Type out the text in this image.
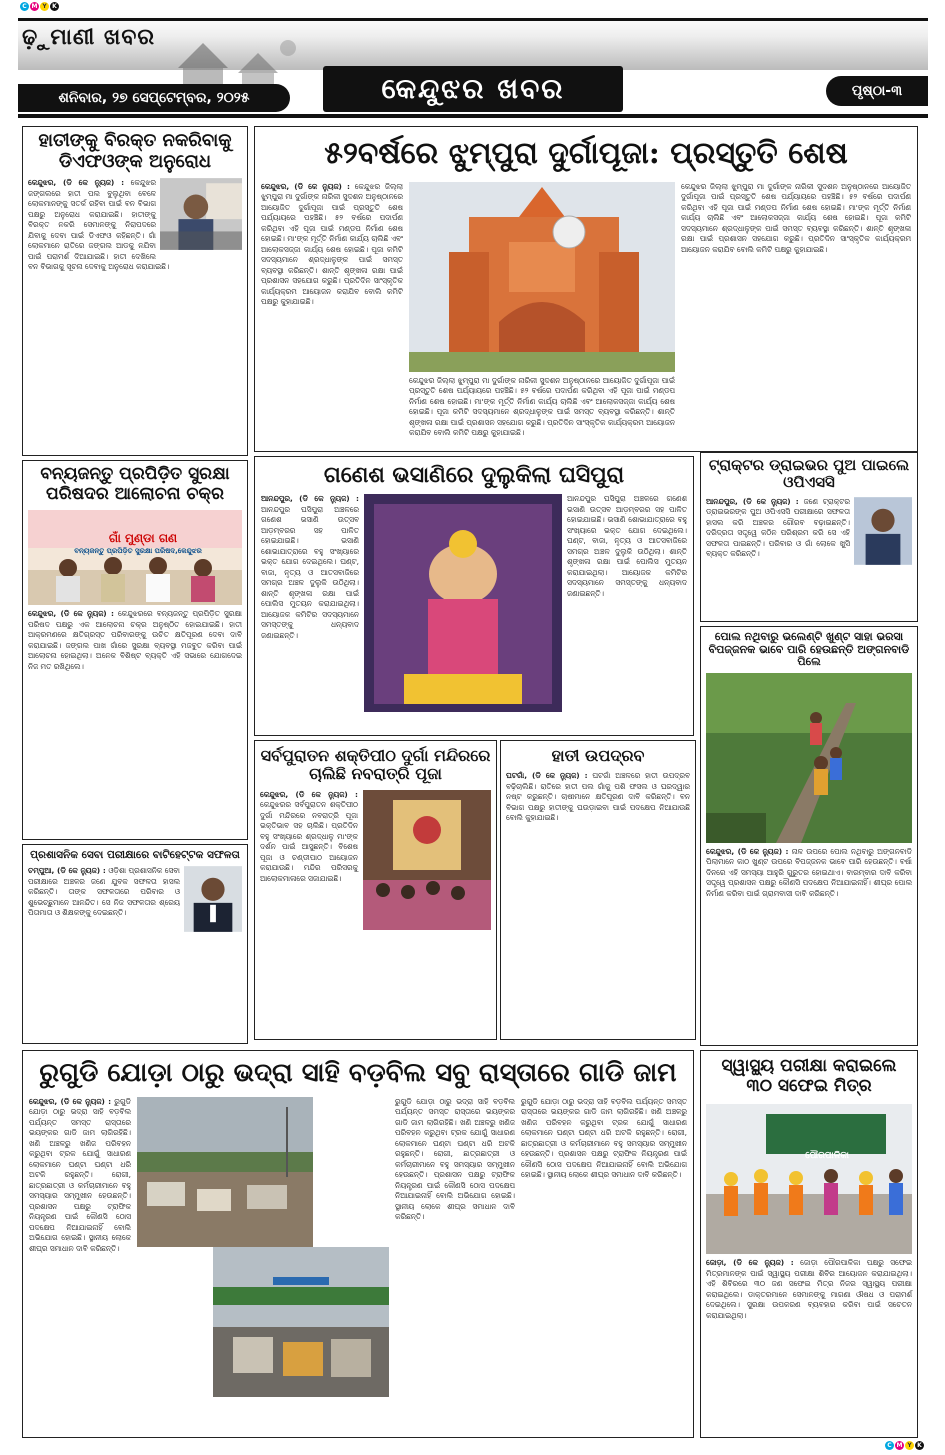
C M Y K
C M Y K
ଢ଼ୁମାଣୀ ଖବର
କେନ୍ଦୁଝର ଖବର
ଶନିବାର, ୨୭ ସେପ୍ଟେମ୍ବର, ୨୦୨୫	ପୃଷ୍ଠା-୩
ହାତୀଙ୍କୁ ବିରକ୍ତ ନକରିବାକୁ ଡିଏଫଓଙ୍କ ଅନୁରୋଧ
କେନ୍ଦୁଝର, (ଡି କେ ନ୍ୟୁଜ) : କେନ୍ଦୁଝର ଜଙ୍ଗଲରେ ହାତୀ ପଲ ବୁଲୁଥିବା ବେଳେ ଲୋକମାନଙ୍କୁ ସତର୍କ ରହିବା ପାଇଁ ବନ ବିଭାଗ ପକ୍ଷରୁ ଅନୁରୋଧ କରାଯାଇଛି। ହାତୀଙ୍କୁ ବିରକ୍ତ ନକରି ସେମାନଙ୍କୁ ନିରାପଦରେ ଯିବାକୁ ଦେବା ପାଇଁ ଡିଏଫଓ କହିଛନ୍ତି। ଗାଁ ଲୋକମାନେ ରାତିରେ ଜଙ୍ଗଲ ଆଡକୁ ନଯିବା ପାଇଁ ପରାମର୍ଶ ଦିଆଯାଇଛି। ହାତୀ ଦେଖିଲେ ବନ ବିଭାଗକୁ ସୂଚନା ଦେବାକୁ ଅନୁରୋଧ କରାଯାଇଛି।
୫୨ବର୍ଷରେ ଝୁମ୍ପୁରା ଦୁର୍ଗାପୂଜା: ପ୍ରସ୍ତୁତି ଶେଷ
କେନ୍ଦୁଝର, (ଡି କେ ନ୍ୟୁଜ) : କେନ୍ଦୁଝର ଜିଲ୍ଲା ଝୁମ୍ପୁରା ମା ଦୁର୍ଗାଙ୍କ ନାରିକୀ ସୁଦଶନ ଅନୁଷ୍ଠାନରେ ଆୟୋଜିତ ଦୁର୍ଗାପୂଜା ପାଇଁ ପ୍ରସ୍ତୁତି ଶେଷ ପର୍ଯ୍ୟାୟରେ ପହଞ୍ଚିଛି। ୫୨ ବର୍ଷରେ ପଦାର୍ପଣ କରିଥିବା ଏହି ପୂଜା ପାଇଁ ମଣ୍ଡପ ନିର୍ମାଣ ଶେଷ ହୋଇଛି। ମା'ଙ୍କ ମୂର୍ତ୍ତି ନିର୍ମାଣ କାର୍ଯ୍ୟ ଚାଲିଛି ଏବଂ ଆଲୋକସଜ୍ଜା କାର୍ଯ୍ୟ ଶେଷ ହୋଇଛି। ପୂଜା କମିଟି ସଦସ୍ୟମାନେ ଶ୍ରଦ୍ଧାଳୁଙ୍କ ପାଇଁ ସମସ୍ତ ବ୍ୟବସ୍ଥା କରିଛନ୍ତି। ଶାନ୍ତି ଶୃଙ୍ଖଳା ରକ୍ଷା ପାଇଁ ପ୍ରଶାସନ ସହଯୋଗ କରୁଛି। ପ୍ରତିଦିନ ସାଂସ୍କୃତିକ କାର୍ଯ୍ୟକ୍ରମ ଆୟୋଜନ କରାଯିବ ବୋଲି କମିଟି ପକ୍ଷରୁ କୁହାଯାଇଛି।
କେନ୍ଦୁଝର ଜିଲ୍ଲା ଝୁମ୍ପୁରା ମା ଦୁର୍ଗାଙ୍କ ନାରିକୀ ସୁଦଶନ ଅନୁଷ୍ଠାନରେ ଆୟୋଜିତ ଦୁର୍ଗାପୂଜା ପାଇଁ ପ୍ରସ୍ତୁତି ଶେଷ ପର୍ଯ୍ୟାୟରେ ପହଞ୍ଚିଛି। ୫୨ ବର୍ଷରେ ପଦାର୍ପଣ କରିଥିବା ଏହି ପୂଜା ପାଇଁ ମଣ୍ଡପ ନିର୍ମାଣ ଶେଷ ହୋଇଛି। ମା'ଙ୍କ ମୂର୍ତ୍ତି ନିର୍ମାଣ କାର୍ଯ୍ୟ ଚାଲିଛି ଏବଂ ଆଲୋକସଜ୍ଜା କାର୍ଯ୍ୟ ଶେଷ ହୋଇଛି। ପୂଜା କମିଟି ସଦସ୍ୟମାନେ ଶ୍ରଦ୍ଧାଳୁଙ୍କ ପାଇଁ ସମସ୍ତ ବ୍ୟବସ୍ଥା କରିଛନ୍ତି। ଶାନ୍ତି ଶୃଙ୍ଖଳା ରକ୍ଷା ପାଇଁ ପ୍ରଶାସନ ସହଯୋଗ କରୁଛି। ପ୍ରତିଦିନ ସାଂସ୍କୃତିକ କାର୍ଯ୍ୟକ୍ରମ ଆୟୋଜନ କରାଯିବ ବୋଲି କମିଟି ପକ୍ଷରୁ କୁହାଯାଇଛି।
କେନ୍ଦୁଝର ଜିଲ୍ଲା ଝୁମ୍ପୁରା ମା ଦୁର୍ଗାଙ୍କ ନାରିକୀ ସୁଦଶନ ଅନୁଷ୍ଠାନରେ ଆୟୋଜିତ ଦୁର୍ଗାପୂଜା ପାଇଁ ପ୍ରସ୍ତୁତି ଶେଷ ପର୍ଯ୍ୟାୟରେ ପହଞ୍ଚିଛି। ୫୨ ବର୍ଷରେ ପଦାର୍ପଣ କରିଥିବା ଏହି ପୂଜା ପାଇଁ ମଣ୍ଡପ ନିର୍ମାଣ ଶେଷ ହୋଇଛି। ମା'ଙ୍କ ମୂର୍ତ୍ତି ନିର୍ମାଣ କାର୍ଯ୍ୟ ଚାଲିଛି ଏବଂ ଆଲୋକସଜ୍ଜା କାର୍ଯ୍ୟ ଶେଷ ହୋଇଛି। ପୂଜା କମିଟି ସଦସ୍ୟମାନେ ଶ୍ରଦ୍ଧାଳୁଙ୍କ ପାଇଁ ସମସ୍ତ ବ୍ୟବସ୍ଥା କରିଛନ୍ତି। ଶାନ୍ତି ଶୃଙ୍ଖଳା ରକ୍ଷା ପାଇଁ ପ୍ରଶାସନ ସହଯୋଗ କରୁଛି। ପ୍ରତିଦିନ ସାଂସ୍କୃତିକ କାର୍ଯ୍ୟକ୍ରମ ଆୟୋଜନ କରାଯିବ ବୋଲି କମିଟି ପକ୍ଷରୁ କୁହାଯାଇଛି।
ବନ୍ୟଜନ୍ତୁ ପ୍ରପିଡ଼ିତ ସୁରକ୍ଷା ପରିଷଦର ଆଲୋଚନା ଚକ୍ର
ଗାଁ ମୁଣ୍ଡା ଗଣ
ବନ୍ୟଜନ୍ତୁ ପ୍ରପିଡ଼ିତ ସୁରକ୍ଷା ପରିଷଦ,କେନ୍ଦୁଝର
କେନ୍ଦୁଝର, (ଡି କେ ନ୍ୟୁଜ) : କେନ୍ଦୁଝରରେ ବନ୍ୟଜନ୍ତୁ ପ୍ରପିଡ଼ିତ ସୁରକ୍ଷା ପରିଷଦ ପକ୍ଷରୁ ଏକ ଆଲୋଚନା ଚକ୍ର ଅନୁଷ୍ଠିତ ହୋଇଯାଇଛି। ହାତୀ ଆକ୍ରମଣରେ କ୍ଷତିଗ୍ରସ୍ତ ପରିବାରଙ୍କୁ ଉଚିତ କ୍ଷତିପୂରଣ ଦେବା ଦାବି କରାଯାଇଛି। ଜଙ୍ଗଲ ପାଖ ଗାଁରେ ସୁରକ୍ଷା ବ୍ୟବସ୍ଥା ମଜବୁତ କରିବା ପାଇଁ ଆଲୋଚନା ହୋଇଥିଲା। ଅନେକ ବିଶିଷ୍ଟ ବ୍ୟକ୍ତି ଏହି ସଭାରେ ଯୋଗଦେଇ ନିଜ ମତ ରଖିଥିଲେ।
ଗଣେଶ ଭସାଣିରେ ଦୁଲୁକିଲା ଘସିପୁରା
ଆନନ୍ଦପୁର, (ଡି କେ ନ୍ୟୁଜ) : ଆନନ୍ଦପୁର ଘସିପୁରା ଅଞ୍ଚଳରେ ଗଣେଶ ଭସାଣି ଉତ୍ସବ ଆଡ଼ମ୍ବରର ସହ ପାଳିତ ହୋଇଯାଇଛି। ଭସାଣି ଶୋଭାଯାତ୍ରାରେ ବହୁ ସଂଖ୍ୟାରେ ଭକ୍ତ ଯୋଗ ଦେଇଥିଲେ। ଘଣ୍ଟ, ବାଜା, ନୃତ୍ୟ ଓ ଆତସବାଜିରେ ସମଗ୍ର ଅଞ୍ଚଳ ଦୁଲୁକି ଉଠିଥିଲା। ଶାନ୍ତି ଶୃଙ୍ଖଳା ରକ୍ଷା ପାଇଁ ପୋଲିସ ମୁତୟନ କରାଯାଇଥିଲା। ଆୟୋଜକ କମିଟିର ସଦସ୍ୟମାନେ ସମସ୍ତଙ୍କୁ ଧନ୍ୟବାଦ ଜଣାଇଛନ୍ତି।
ଆନନ୍ଦପୁର ଘସିପୁରା ଅଞ୍ଚଳରେ ଗଣେଶ ଭସାଣି ଉତ୍ସବ ଆଡ଼ମ୍ବରର ସହ ପାଳିତ ହୋଇଯାଇଛି। ଭସାଣି ଶୋଭାଯାତ୍ରାରେ ବହୁ ସଂଖ୍ୟାରେ ଭକ୍ତ ଯୋଗ ଦେଇଥିଲେ। ଘଣ୍ଟ, ବାଜା, ନୃତ୍ୟ ଓ ଆତସବାଜିରେ ସମଗ୍ର ଅଞ୍ଚଳ ଦୁଲୁକି ଉଠିଥିଲା। ଶାନ୍ତି ଶୃଙ୍ଖଳା ରକ୍ଷା ପାଇଁ ପୋଲିସ ମୁତୟନ କରାଯାଇଥିଲା। ଆୟୋଜକ କମିଟିର ସଦସ୍ୟମାନେ ସମସ୍ତଙ୍କୁ ଧନ୍ୟବାଦ ଜଣାଇଛନ୍ତି।
ଟ୍ରାକ୍ଟର ଡ୍ରାଇଭର ପୁଅ ପାଇଲେ ଓପିଏସସି
ଆନନ୍ଦପୁର, (ଡି କେ ନ୍ୟୁଜ) : ଜଣେ ଟ୍ରାକ୍ଟର ଡ୍ରାଇଭରଙ୍କ ପୁଅ ଓପିଏସସି ପରୀକ୍ଷାରେ ସଫଳତା ହାସଲ କରି ଅଞ୍ଚଳର ଗୌରବ ବଢ଼ାଇଛନ୍ତି। ଦରିଦ୍ରତା ସତ୍ତ୍ୱେ କଠିନ ପରିଶ୍ରମ କରି ସେ ଏହି ସଫଳତା ପାଇଛନ୍ତି। ପରିବାର ଓ ଗାଁ ଲୋକେ ଖୁସି ବ୍ୟକ୍ତ କରିଛନ୍ତି।
ପୋଲ ନଥିବାରୁ ଭଲେଣ୍ଟି ଖୁଣ୍ଟ ସାହା ଭରସା ବିପଜ୍ଜନକ ଭାବେ ପାରି ହେଉଛନ୍ତି ଅଙ୍ଗନବାଡି ପିଲେ
କେନ୍ଦୁଝର, (ଡି କେ ନ୍ୟୁଜ) : ନାଳ ଉପରେ ପୋଲ ନଥିବାରୁ ଅଙ୍ଗନବାଡି ପିଲାମାନେ କାଠ ଖୁଣ୍ଟ ଉପରେ ବିପଜ୍ଜନକ ଭାବେ ପାରି ହେଉଛନ୍ତି। ବର୍ଷା ଦିନରେ ଏହି ସମସ୍ୟା ଆହୁରି ଗୁରୁତର ହୋଇଥାଏ। ବାରମ୍ବାର ଦାବି କରିବା ସତ୍ତ୍ୱେ ପ୍ରଶାସନ ପକ୍ଷରୁ କୌଣସି ପଦକ୍ଷେପ ନିଆଯାଇନାହିଁ। ଶୀଘ୍ର ପୋଲ ନିର୍ମାଣ କରିବା ପାଇଁ ଗ୍ରାମବାସୀ ଦାବି କରିଛନ୍ତି।
ସର୍ବପୁରାତନ ଶକ୍ତିପୀଠ ଦୁର୍ଗା ମନ୍ଦିରରେ ଚାଲିଛି ନବରାତ୍ରି ପୂଜା
କେନ୍ଦୁଝର, (ଡି କେ ନ୍ୟୁଜ) : କେନ୍ଦୁଝରର ସର୍ବପୁରାତନ ଶକ୍ତିପୀଠ ଦୁର୍ଗା ମନ୍ଦିରରେ ନବରାତ୍ରି ପୂଜା ଭକ୍ତିଭାବ ସହ ଚାଲିଛି। ପ୍ରତିଦିନ ବହୁ ସଂଖ୍ୟାରେ ଶ୍ରଦ୍ଧାଳୁ ମା'ଙ୍କ ଦର୍ଶନ ପାଇଁ ଆସୁଛନ୍ତି। ବିଶେଷ ପୂଜା ଓ ଚଣ୍ଡୀପାଠ ଆୟୋଜନ କରାଯାଉଛି। ମନ୍ଦିର ପରିସରକୁ ଆଲୋକମାଳାରେ ସଜାଯାଇଛି।
ହାତୀ ଉପଦ୍ରବ
ଘଟଗାଁ, (ଡି କେ ନ୍ୟୁଜ) : ଘଟଗାଁ ଅଞ୍ଚଳରେ ହାତୀ ଉପଦ୍ରବ ବଢ଼ିଚାଲିଛି। ରାତିରେ ହାତୀ ପଲ ଗାଁକୁ ପଶି ଫସଲ ଓ ଘରଦ୍ୱାର ନଷ୍ଟ କରୁଛନ୍ତି। ଚାଷୀମାନେ କ୍ଷତିପୂରଣ ଦାବି କରିଛନ୍ତି। ବନ ବିଭାଗ ପକ୍ଷରୁ ହାତୀଙ୍କୁ ଘଉଡ଼ାଇବା ପାଇଁ ପଦକ୍ଷେପ ନିଆଯାଉଛି ବୋଲି କୁହାଯାଇଛି।
ପ୍ରଶାସନିକ ସେବା ପରୀକ୍ଷାରେ ବାଟିହେଟ୍ଟକ ସଫଳତା
ଚମ୍ପୁଆ, (ଡି କେ ନ୍ୟୁଜ) : ଓଡ଼ିଶା ପ୍ରଶାସନିକ ସେବା ପରୀକ୍ଷାରେ ଅଞ୍ଚଳର ଜଣେ ଯୁବକ ସଫଳତା ହାସଲ କରିଛନ୍ତି। ତାଙ୍କ ସଫଳତାରେ ପରିବାର ଓ ଶୁଭେଚ୍ଛୁମାନେ ଆନନ୍ଦିତ। ସେ ନିଜ ସଫଳତାର ଶ୍ରେୟ ପିତାମାତା ଓ ଶିକ୍ଷକଙ୍କୁ ଦେଇଛନ୍ତି।
ରୁଗୁଡି ଯୋଡ଼ା ଠାରୁ ଭଦ୍ରା ସାହି ବଡ଼ବିଲ ସବୁ ରାସ୍ତାରେ ଗାଡି ଜାମ
କେନ୍ଦୁଝର, (ଡି କେ ନ୍ୟୁଜ) : ରୁଗୁଡି ଯୋଡ଼ା ଠାରୁ ଭଦ୍ରା ସାହି ବଡ଼ବିଲ ପର୍ଯ୍ୟନ୍ତ ସମସ୍ତ ରାସ୍ତାରେ ଭୟଙ୍କର ଗାଡି ଜାମ ଲାଗିରହିଛି। ଖଣି ଅଞ୍ଚଳରୁ ଖଣିଜ ପରିବହନ କରୁଥିବା ଟ୍ରକ ଯୋଗୁଁ ସାଧାରଣ ଲୋକମାନେ ଘଣ୍ଟା ଘଣ୍ଟା ଧରି ଅଟକି ରହୁଛନ୍ତି। ରୋଗୀ, ଛାତ୍ରଛାତ୍ରୀ ଓ କର୍ମଚାରୀମାନେ ବହୁ ସମସ୍ୟାର ସମ୍ମୁଖୀନ ହେଉଛନ୍ତି। ପ୍ରଶାସନ ପକ୍ଷରୁ ଟ୍ରାଫିକ ନିୟନ୍ତ୍ରଣ ପାଇଁ କୌଣସି ଠୋସ ପଦକ୍ଷେପ ନିଆଯାଇନାହିଁ ବୋଲି ଅଭିଯୋଗ ହୋଇଛି। ସ୍ଥାନୀୟ ଲୋକେ ଶୀଘ୍ର ସମାଧାନ ଦାବି କରିଛନ୍ତି।
ରୁଗୁଡି ଯୋଡ଼ା ଠାରୁ ଭଦ୍ରା ସାହି ବଡ଼ବିଲ ପର୍ଯ୍ୟନ୍ତ ସମସ୍ତ ରାସ୍ତାରେ ଭୟଙ୍କର ଗାଡି ଜାମ ଲାଗିରହିଛି। ଖଣି ଅଞ୍ଚଳରୁ ଖଣିଜ ପରିବହନ କରୁଥିବା ଟ୍ରକ ଯୋଗୁଁ ସାଧାରଣ ଲୋକମାନେ ଘଣ୍ଟା ଘଣ୍ଟା ଧରି ଅଟକି ରହୁଛନ୍ତି। ରୋଗୀ, ଛାତ୍ରଛାତ୍ରୀ ଓ କର୍ମଚାରୀମାନେ ବହୁ ସମସ୍ୟାର ସମ୍ମୁଖୀନ ହେଉଛନ୍ତି। ପ୍ରଶାସନ ପକ୍ଷରୁ ଟ୍ରାଫିକ ନିୟନ୍ତ୍ରଣ ପାଇଁ କୌଣସି ଠୋସ ପଦକ୍ଷେପ ନିଆଯାଇନାହିଁ ବୋଲି ଅଭିଯୋଗ ହୋଇଛି। ସ୍ଥାନୀୟ ଲୋକେ ଶୀଘ୍ର ସମାଧାନ ଦାବି କରିଛନ୍ତି।
ରୁଗୁଡି ଯୋଡ଼ା ଠାରୁ ଭଦ୍ରା ସାହି ବଡ଼ବିଲ ପର୍ଯ୍ୟନ୍ତ ସମସ୍ତ ରାସ୍ତାରେ ଭୟଙ୍କର ଗାଡି ଜାମ ଲାଗିରହିଛି। ଖଣି ଅଞ୍ଚଳରୁ ଖଣିଜ ପରିବହନ କରୁଥିବା ଟ୍ରକ ଯୋଗୁଁ ସାଧାରଣ ଲୋକମାନେ ଘଣ୍ଟା ଘଣ୍ଟା ଧରି ଅଟକି ରହୁଛନ୍ତି। ରୋଗୀ, ଛାତ୍ରଛାତ୍ରୀ ଓ କର୍ମଚାରୀମାନେ ବହୁ ସମସ୍ୟାର ସମ୍ମୁଖୀନ ହେଉଛନ୍ତି। ପ୍ରଶାସନ ପକ୍ଷରୁ ଟ୍ରାଫିକ ନିୟନ୍ତ୍ରଣ ପାଇଁ କୌଣସି ଠୋସ ପଦକ୍ଷେପ ନିଆଯାଇନାହିଁ ବୋଲି ଅଭିଯୋଗ ହୋଇଛି। ସ୍ଥାନୀୟ ଲୋକେ ଶୀଘ୍ର ସମାଧାନ ଦାବି କରିଛନ୍ତି।
ସ୍ୱାସ୍ଥ୍ୟ ପରୀକ୍ଷା କରାଇଲେ ୩୦ ସଫେଇ ମିତ୍ର
ପୌରପାଳିକା
ଜୋଡ଼ା, (ଡି କେ ନ୍ୟୁଜ) : ଜୋଡ଼ା ପୌରପାଳିକା ପକ୍ଷରୁ ସଫେଇ ମିତ୍ରମାନଙ୍କ ପାଇଁ ସ୍ୱାସ୍ଥ୍ୟ ପରୀକ୍ଷା ଶିବିର ଆୟୋଜନ କରାଯାଇଥିଲା। ଏହି ଶିବିରରେ ୩୦ ଜଣ ସଫେଇ ମିତ୍ର ନିଜର ସ୍ୱାସ୍ଥ୍ୟ ପରୀକ୍ଷା କରାଇଥିଲେ। ଡାକ୍ତରମାନେ ସେମାନଙ୍କୁ ମାଗଣା ଔଷଧ ଓ ପରାମର୍ଶ ଦେଇଥିଲେ। ସୁରକ୍ଷା ଉପକରଣ ବ୍ୟବହାର କରିବା ପାଇଁ ସଚେତନ କରାଯାଇଥିଲା।
